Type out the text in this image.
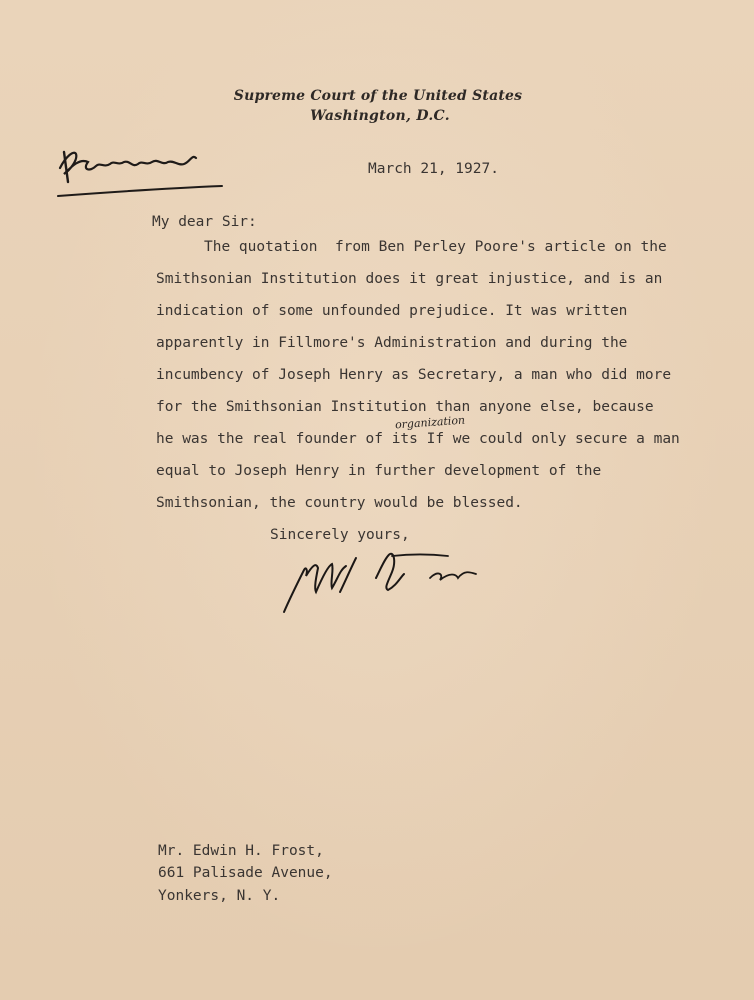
Supreme Court of the United States
Washington, D.C.
March 21, 1927.
My dear Sir:
The quotation  from Ben Perley Poore's article on the
Smithsonian Institution does it great injustice, and is an
indication of some unfounded prejudice. It was written
apparently in Fillmore's Administration and during the
incumbency of Joseph Henry as Secretary, a man who did more
for the Smithsonian Institution than anyone else, because
organization
he was the real founder of its If we could only secure a man
equal to Joseph Henry in further development of the
Smithsonian, the country would be blessed.
Sincerely yours,
Mr. Edwin H. Frost,
661 Palisade Avenue,
Yonkers, N. Y.
